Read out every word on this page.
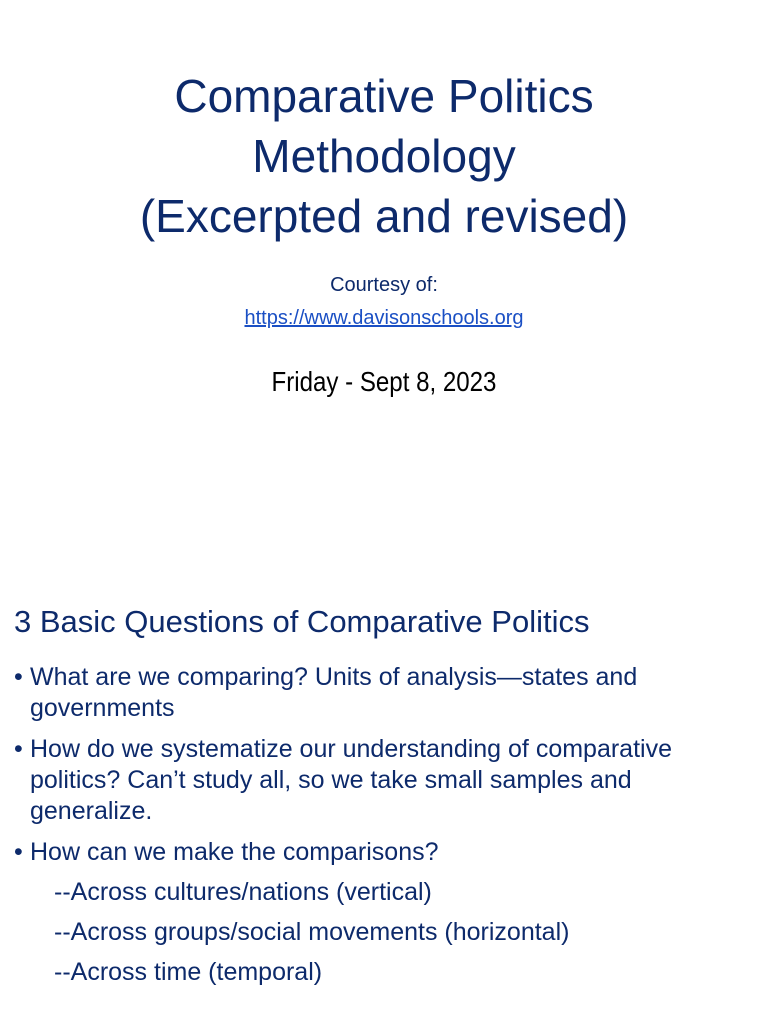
Comparative Politics
Methodology
(Excerpted and revised)
Courtesy of:
https://www.davisonschools.org
Friday - Sept 8, 2023
3 Basic Questions of Comparative Politics
• What are we comparing? Units of analysis—states and governments
• How do we systematize our understanding of comparative politics? Can’t study all, so we take small samples and generalize.
• How can we make the comparisons?
--Across cultures/nations (vertical)
--Across groups/social movements (horizontal)
--Across time (temporal)
